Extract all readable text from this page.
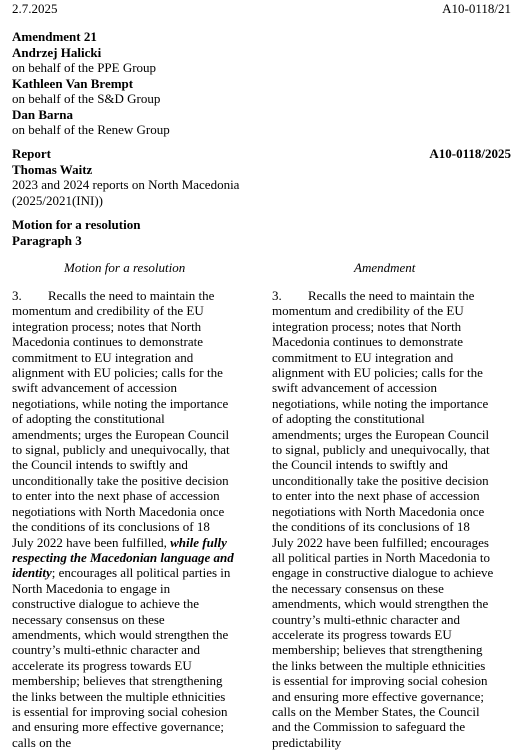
2.7.2025	A10-0118/21
Amendment 21
Andrzej Halicki
on behalf of the PPE Group
Kathleen Van Brempt
on behalf of the S&D Group
Dan Barna
on behalf of the Renew Group
Report
Thomas Waitz
2023 and 2024 reports on North Macedonia
(2025/2021(INI))
A10-0118/2025
Motion for a resolution
Paragraph 3
Motion for a resolution	Amendment

3. Recalls the need to maintain the momentum and credibility of the EU integration process; notes that North Macedonia continues to demonstrate commitment to EU integration and alignment with EU policies; calls for the swift advancement of accession negotiations, while noting the importance of adopting the constitutional amendments; urges the European Council to signal, publicly and unequivocally, that the Council intends to swiftly and unconditionally take the positive decision to enter into the next phase of accession negotiations with North Macedonia once the conditions of its conclusions of 18 July 2022 have been fulfilled, while fully respecting the Macedonian language and identity; encourages all political parties in North Macedonia to engage in constructive dialogue to achieve the necessary consensus on these amendments, which would strengthen the country’s multi-ethnic character and accelerate its progress towards EU membership; believes that strengthening the links between the multiple ethnicities is essential for improving social cohesion and ensuring more effective governance; calls on the

3. Recalls the need to maintain the momentum and credibility of the EU integration process; notes that North Macedonia continues to demonstrate commitment to EU integration and alignment with EU policies; calls for the swift advancement of accession negotiations, while noting the importance of adopting the constitutional amendments; urges the European Council to signal, publicly and unequivocally, that the Council intends to swiftly and unconditionally take the positive decision to enter into the next phase of accession negotiations with North Macedonia once the conditions of its conclusions of 18 July 2022 have been fulfilled; encourages all political parties in North Macedonia to engage in constructive dialogue to achieve the necessary consensus on these amendments, which would strengthen the country’s multi-ethnic character and accelerate its progress towards EU membership; believes that strengthening the links between the multiple ethnicities is essential for improving social cohesion and ensuring more effective governance; calls on the Member States, the Council and the Commission to safeguard the predictability
